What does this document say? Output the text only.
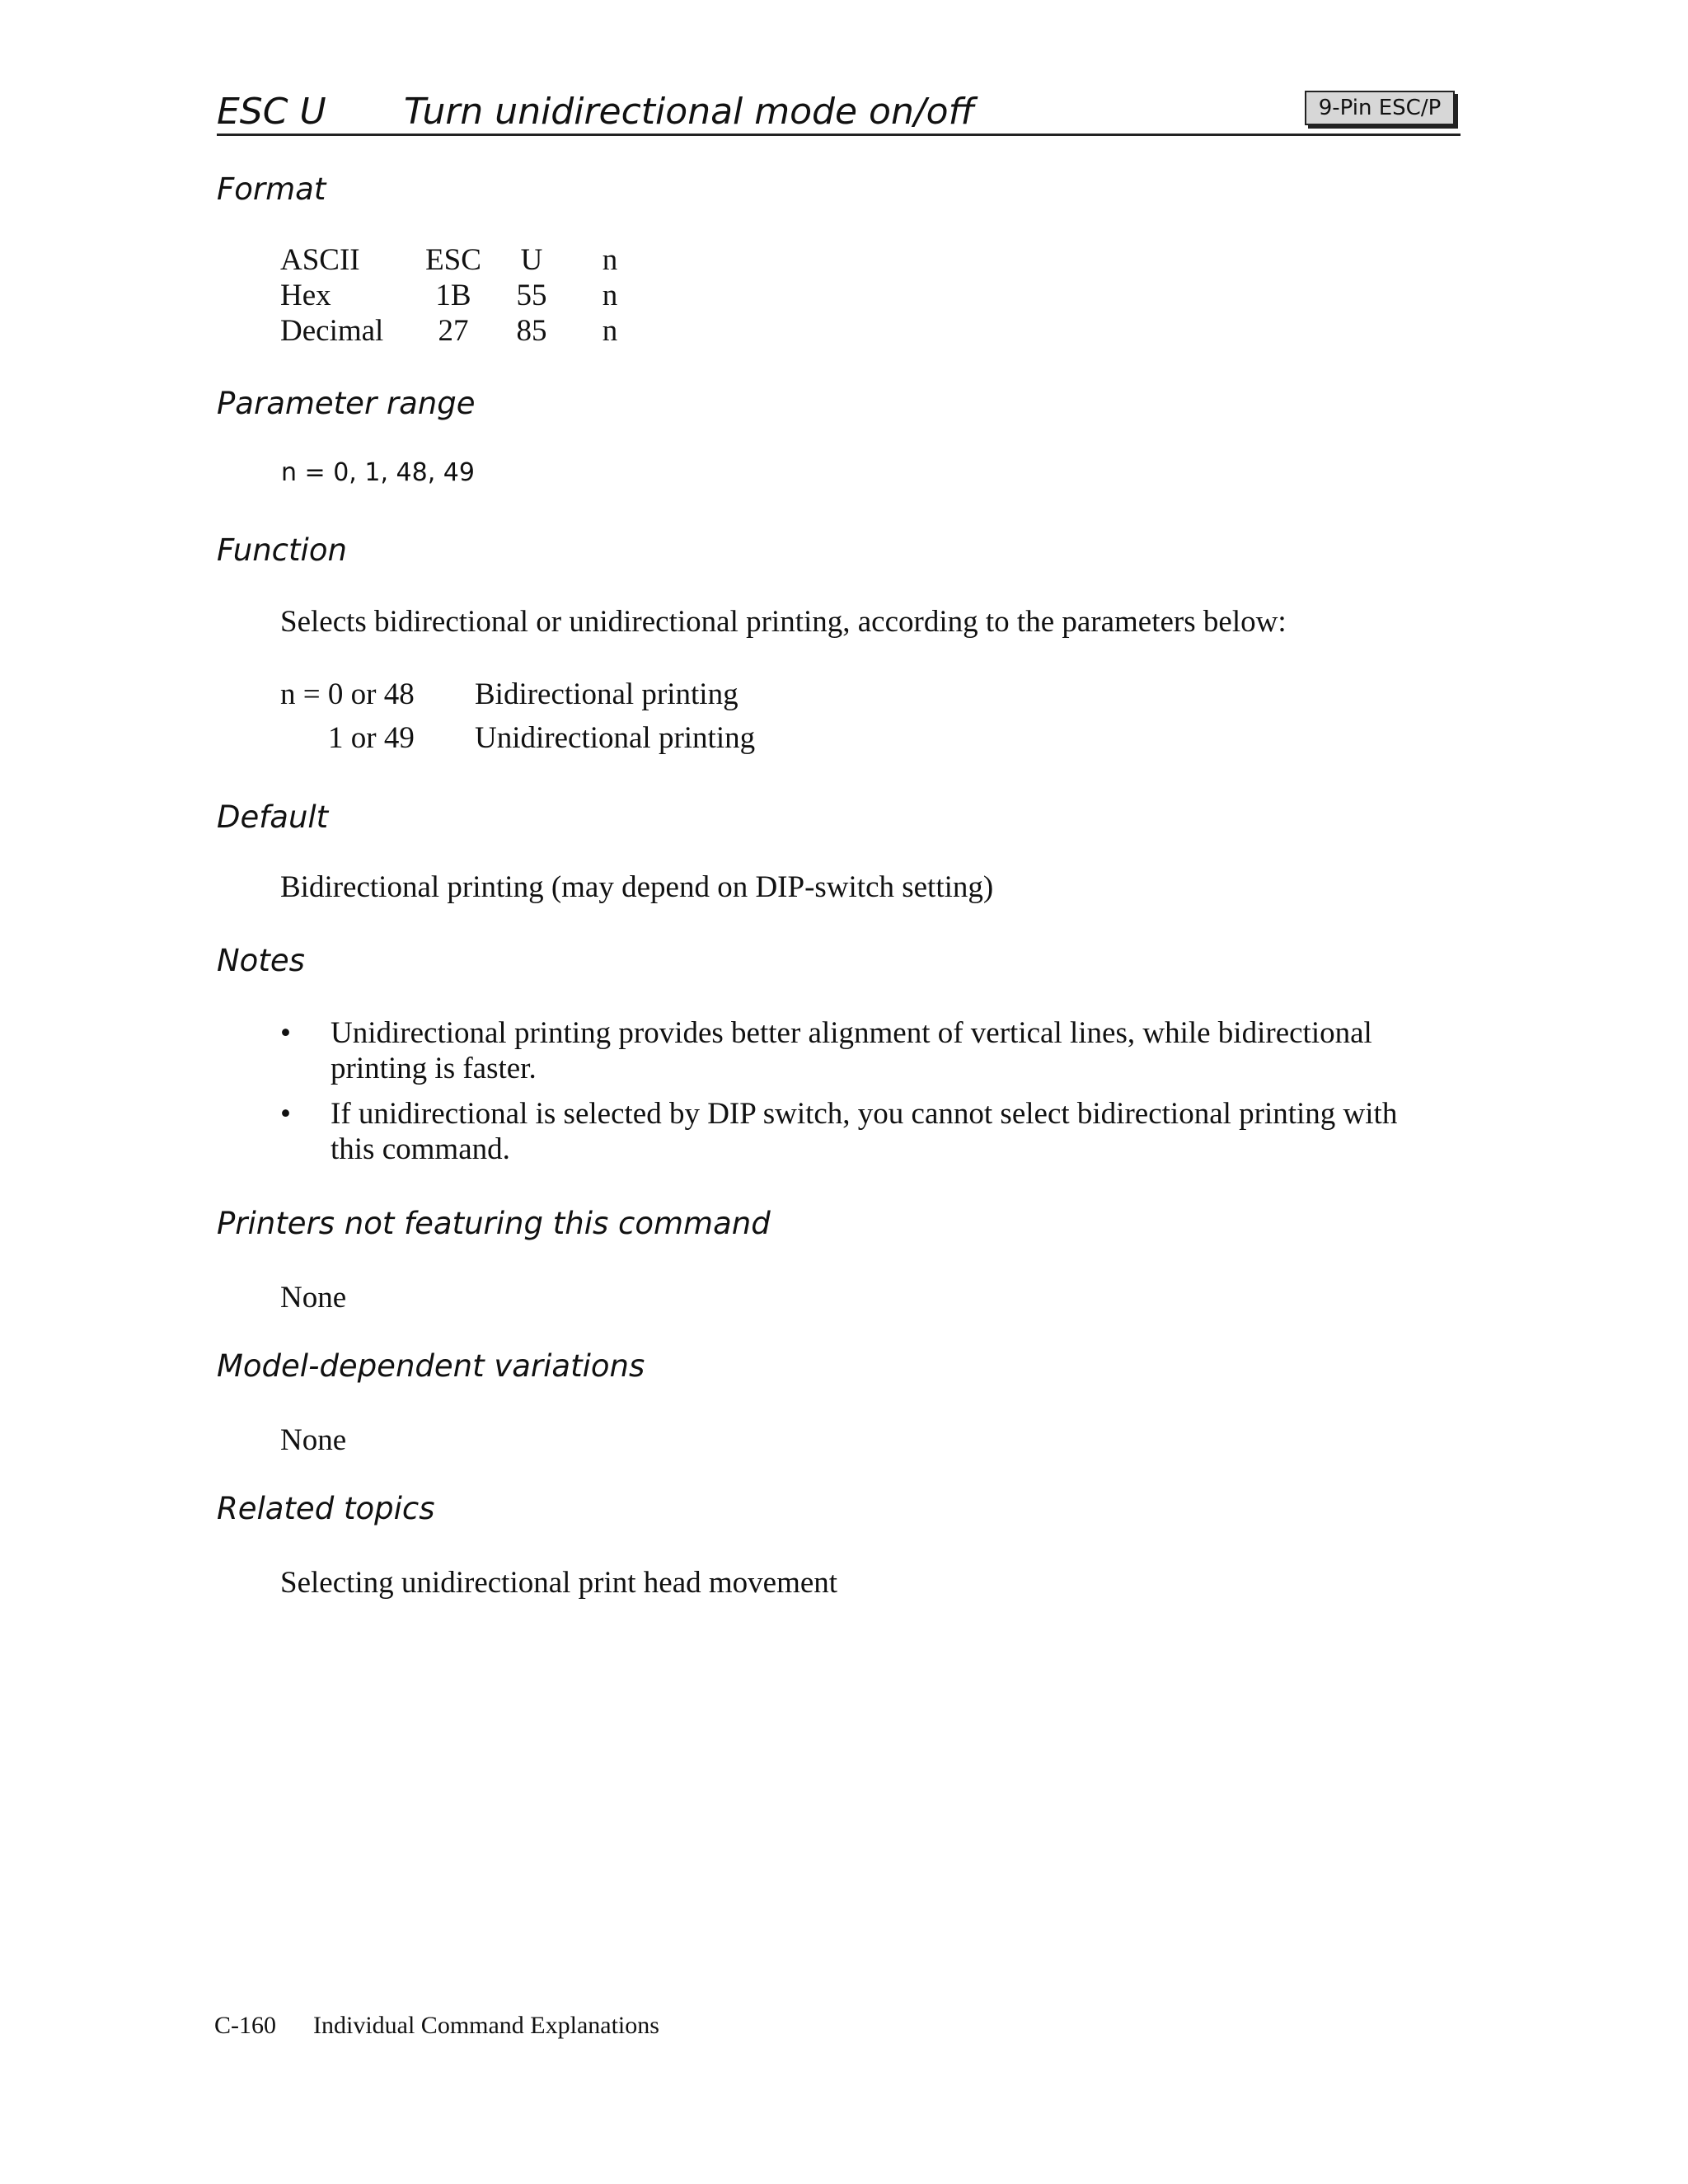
ESC U Turn unidirectional mode on/off	9-Pin ESC/P
Format
ASCII	ESC	U	n
Hex	1B	55	n
Decimal	27	85	n
Parameter range
n = 0, 1, 48, 49
Function
Selects bidirectional or unidirectional printing, according to the parameters below:
n = 0 or 48	Bidirectional printing
1 or 49	Unidirectional printing
Default
Bidirectional printing (may depend on DIP-switch setting)
Notes
• Unidirectional printing provides better alignment of vertical lines, while bidirectional
printing is faster.
• If unidirectional is selected by DIP switch, you cannot select bidirectional printing with
this command.
Printers not featuring this command
None
Model-dependent variations
None
Related topics
Selecting unidirectional print head movement
C-160 Individual Command Explanations
